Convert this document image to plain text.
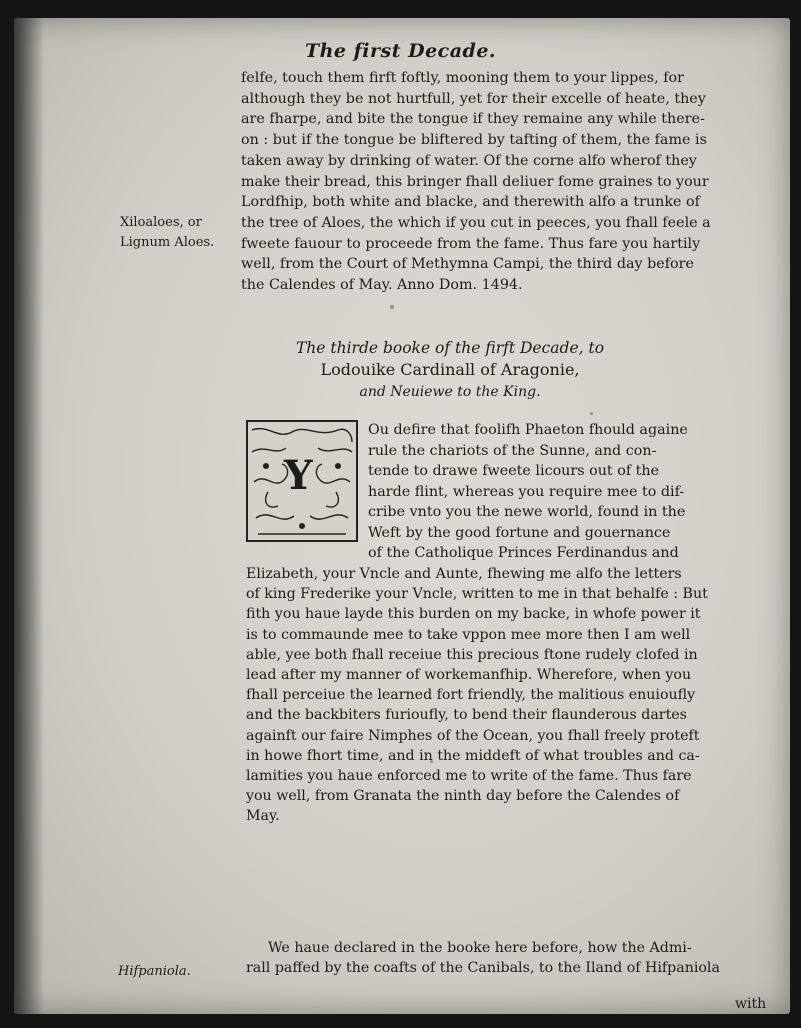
The first Decade.

felfe, touch them firft foftly, mooning them to your lippes, for

although they be not hurtfull, yet for their excelle of heate, they

are fharpe, and bite the tongue if they remaine any while there-

on : but if the tongue be bliftered by tafting of them, the fame is

taken away by drinking of water. Of the corne alfo wherof they

make their bread, this bringer fhall deliuer fome graines to your

Lordfhip, both white and blacke, and therewith alfo a trunke of

the tree of Aloes, the which if you cut in peeces, you fhall feele a

fweete fauour to proceede from the fame. Thus fare you hartily

well, from the Court of Methymna Campi, the third day before

the Calendes of May. Anno Dom. 1494.

Xiloaloes, or
Lignum Aloes.
The thirde booke of the firft Decade, to
Lodouike Cardinall of Aragonie,
and Neuiewe to the King.
Y

Ou defire that foolifh Phaeton fhould againe

rule the chariots of the Sunne, and con-

tende to drawe fweete licours out of the

harde flint, whereas you require mee to dif-

cribe vnto you the newe world, found in the

Weft by the good fortune and gouernance

of the Catholique Princes Ferdinandus and

Elizabeth, your Vncle and Aunte, fhewing me alfo the letters

of king Frederike your Vncle, written to me in that behalfe : But

fith you haue layde this burden on my backe, in whofe power it

is to commaunde mee to take vppon mee more then I am well

able, yee both fhall receiue this precious ftone rudely clofed in

lead after my manner of workemanfhip. Wherefore, when you

fhall perceiue the learned fort friendly, the malitious enuioufly

and the backbiters furioufly, to bend their flaunderous dartes

againft our faire Nimphes of the Ocean, you fhall freely proteft

in howe fhort time, and in the middeft of what troubles and ca-

lamities you haue enforced me to write of the fame. Thus fare

you well, from Granata the ninth day before the Calendes of

May.

We haue declared in the booke here before, how the Admi-

rall paffed by the coafts of the Canibals, to the Iland of Hifpaniola

Hifpaniola.
with
